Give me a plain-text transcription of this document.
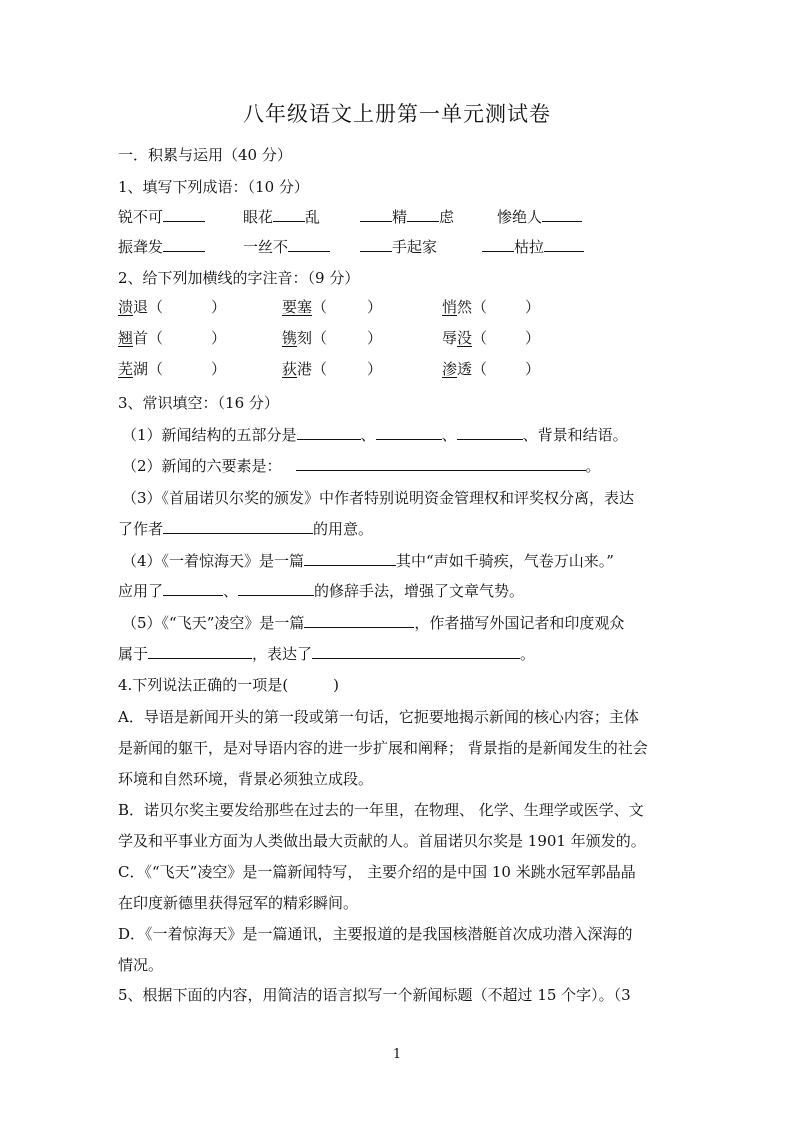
八年级语文上册第一单元测试卷
一．积累与运用（40 分）
1、填写下列成语：（10 分）
锐不可	眼花 乱	精 虑	惨绝人
振聋发	一丝不	手起家	枯拉
2、给下列加横线的字注音：（9 分）
溃退（	）	要塞（	）	悄然（	）
翘首（	）	镌刻（	）	辱没（	）
芜湖（	）	荻港（	）	渗透（	）
3、常识填空：（16 分）
（1）新闻结构的五部分是	、	、	、背景和结语。
（2）新闻的六要素是：	。
（3）《首届诺贝尔奖的颁发》中作者特别说明资金管理权和评奖权分离，表达
了作者	的用意。
（4）《一着惊海天》是一篇	其中“声如千骑疾，气卷万山来。”
应用了	、	的修辞手法，增强了文章气势。
（5）《“飞天”凌空》是一篇	，作者描写外国记者和印度观众
属于	，表达了	。
4.下列说法正确的一项是(　　　)
A．导语是新闻开头的第一段或第一句话，它扼要地揭示新闻的核心内容；主体
是新闻的躯干，是对导语内容的进一步扩展和阐释； 背景指的是新闻发生的社会
环境和自然环境，背景必须独立成段。
B．诺贝尔奖主要发给那些在过去的一年里，在物理、 化学、生理学或医学、文
学及和平事业方面为人类做出最大贡献的人。首届诺贝尔奖是 1901 年颁发的。
C．《“飞天”凌空》是一篇新闻特写， 主要介绍的是中国 10 米跳水冠军郭晶晶
在印度新德里获得冠军的精彩瞬间。
D．《一着惊海天》是一篇通讯，主要报道的是我国核潜艇首次成功潜入深海的
情况。
5、根据下面的内容，用简洁的语言拟写一个新闻标题（不超过 15 个字）。（3
1
